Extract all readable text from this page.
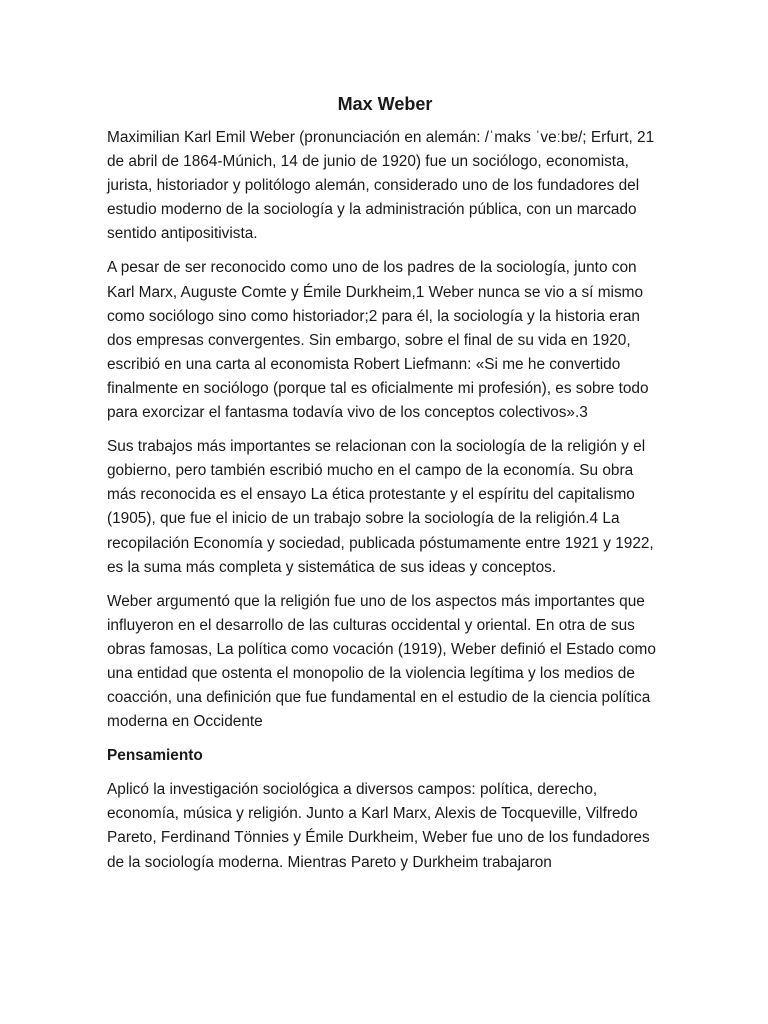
Max Weber

Maximilian Karl Emil Weber (pronunciación en alemán: /ˈmaks ˈveːbɐ/; Erfurt, 21 de abril de 1864-Múnich, 14 de junio de 1920) fue un sociólogo, economista, jurista, historiador y politólogo alemán, considerado uno de los fundadores del estudio moderno de la sociología y la administración pública, con un marcado sentido antipositivista.

A pesar de ser reconocido como uno de los padres de la sociología, junto con Karl Marx, Auguste Comte y Émile Durkheim,1 Weber nunca se vio a sí mismo como sociólogo sino como historiador;2 para él, la sociología y la historia eran dos empresas convergentes. Sin embargo, sobre el final de su vida en 1920, escribió en una carta al economista Robert Liefmann: «Si me he convertido finalmente en sociólogo (porque tal es oficialmente mi profesión), es sobre todo para exorcizar el fantasma todavía vivo de los conceptos colectivos».3

Sus trabajos más importantes se relacionan con la sociología de la religión y el gobierno, pero también escribió mucho en el campo de la economía. Su obra más reconocida es el ensayo La ética protestante y el espíritu del capitalismo (1905), que fue el inicio de un trabajo sobre la sociología de la religión.4 La recopilación Economía y sociedad, publicada póstumamente entre 1921 y 1922, es la suma más completa y sistemática de sus ideas y conceptos.

Weber argumentó que la religión fue uno de los aspectos más importantes que influyeron en el desarrollo de las culturas occidental y oriental. En otra de sus obras famosas, La política como vocación (1919), Weber definió el Estado como una entidad que ostenta el monopolio de la violencia legítima y los medios de coacción, una definición que fue fundamental en el estudio de la ciencia política moderna en Occidente

Pensamiento

Aplicó la investigación sociológica a diversos campos: política, derecho, economía, música y religión. Junto a Karl Marx, Alexis de Tocqueville, Vilfredo Pareto, Ferdinand Tönnies y Émile Durkheim, Weber fue uno de los fundadores de la sociología moderna. Mientras Pareto y Durkheim trabajaron
